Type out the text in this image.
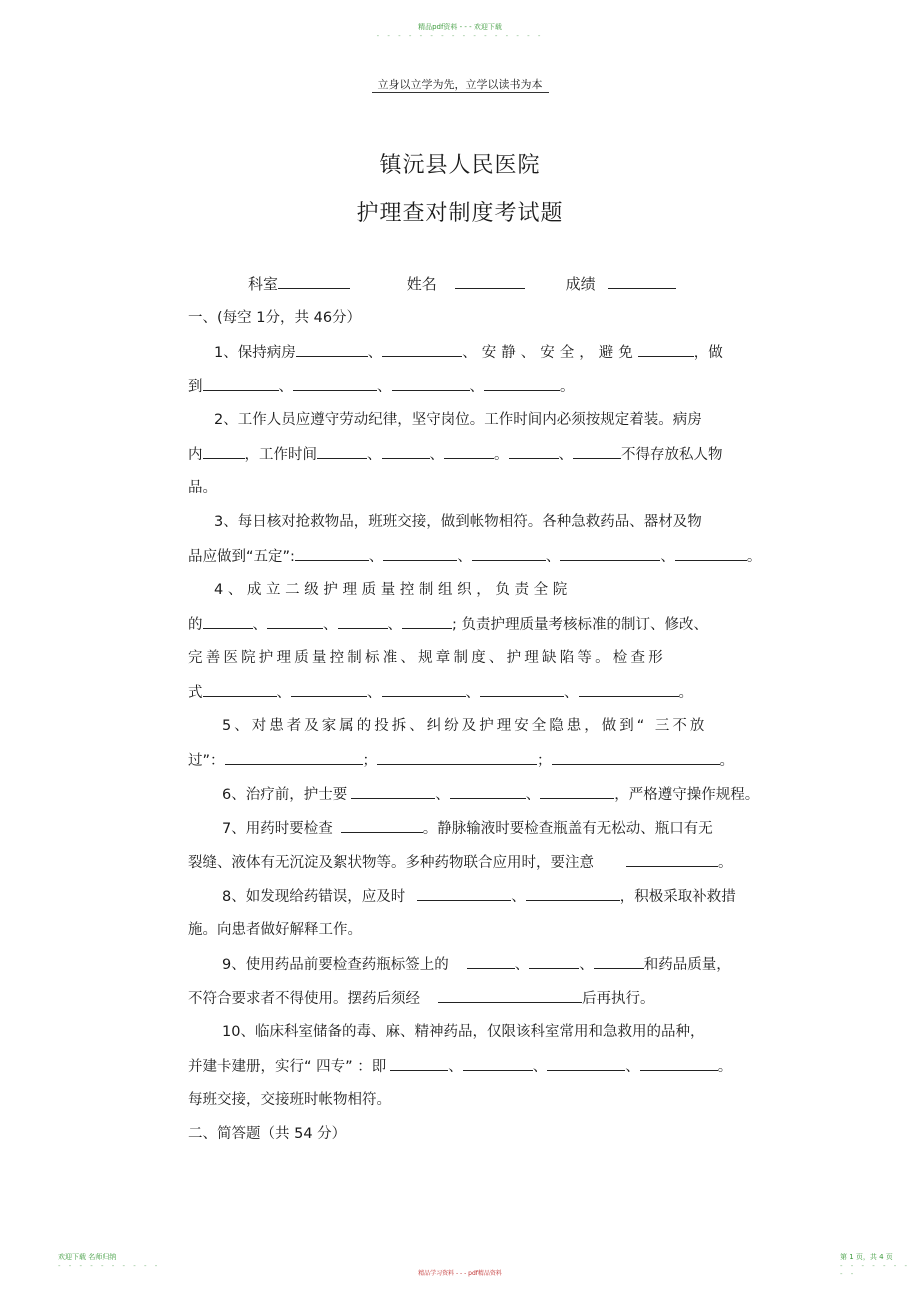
精品pdf资料 - - - 欢迎下载
- - - - - - - - - - - - - - - -
立身以立学为先，立学以读书为本
镇沅县人民医院
护理查对制度考试题
科室	姓名	成绩
一、(每空 1分，共 46分）
1、保持病房	、	、安静、安全，避免	，做
到	、	、	、	。
2、工作人员应遵守劳动纪律，坚守岗位。工作时间内必须按规定着装。病房
内	，工作时间	、	、	。	、	不得存放私人物
品。
3、每日核对抢救物品，班班交接，做到帐物相符。各种急救药品、器材及物
品应做到“五定”:	、	、	、	、	。
4 、 成 立 二 级 护 理 质 量 控 制 组 织 ， 负 责 全 院
的	、	、	、	; 负责护理质量考核标准的制订、修改、
完善医院护理质量控制标准、规章制度、护理缺陷等。检查形
式	、	、	、	、	。
5、对患者及家属的投拆、纠纷及护理安全隐患，做到“ 三不放
过”：	；	；	。
6、治疗前，护士要	、	、	，严格遵守操作规程。
7、用药时要检查	。静脉输液时要检查瓶盖有无松动、瓶口有无
裂缝、液体有无沉淀及絮状物等。多种药物联合应用时，要注意	。
8、如发现给药错误，应及时	、	，积极采取补救措
施。向患者做好解释工作。
9、使用药品前要检查药瓶标签上的	、	、	和药品质量，
不符合要求者不得使用。摆药后须经	后再执行。
10、临床科室储备的毒、麻、精神药品，仅限该科室常用和急救用的品种，
并建卡建册，实行“ 四专” ：即	、	、	、	。
每班交接，交接班时帐物相符。
二、简答题（共 54 分）
欢迎下载 名师归纳
- - - - - - - - - -
精品学习资料 - - - pdf精品资料
第 1 页，共 4 页
- - - - - - - - -
